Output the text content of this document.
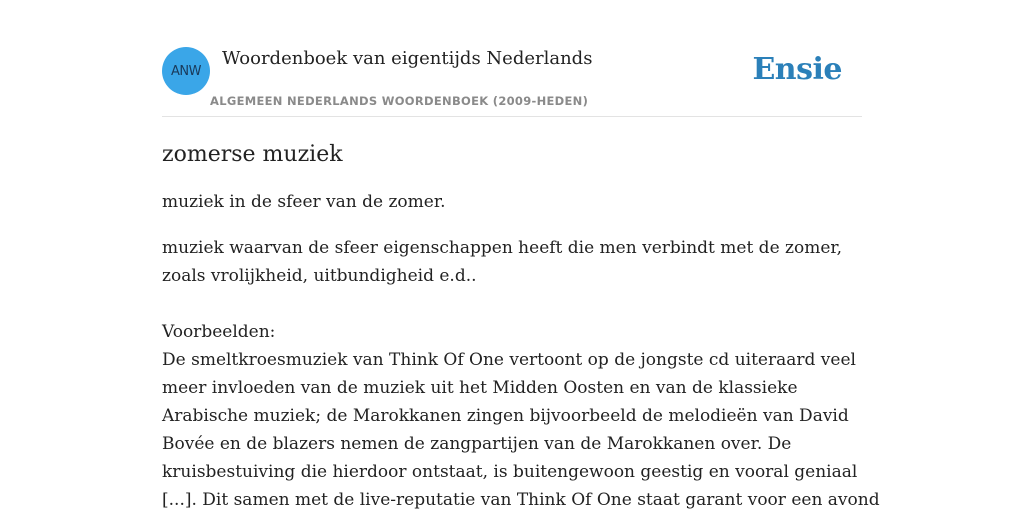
ANW
Woordenboek van eigentijds Nederlands
ALGEMEEN NEDERLANDS WOORDENBOEK (2009-HEDEN)
Ensie
zomerse muziek

muziek in de sfeer van de zomer.

muziek waarvan de sfeer eigenschappen heeft die men verbindt met de zomer, zoals vrolijkheid, uitbundigheid e.d..

Voorbeelden:

De smeltkroesmuziek van Think Of One vertoont op de jongste cd uiteraard veel meer invloeden van de muziek uit het Midden Oosten en van de klassieke Arabische muziek; de Marokkanen zingen bijvoorbeeld de melodieën van David Bovée en de blazers nemen de zangpartijen van de Marokkanen over. De kruisbestuiving die hierdoor ontstaat, is buitengewoon geestig en vooral geniaal [...]. Dit samen met de live-reputatie van Think Of One staat garant voor een avond
